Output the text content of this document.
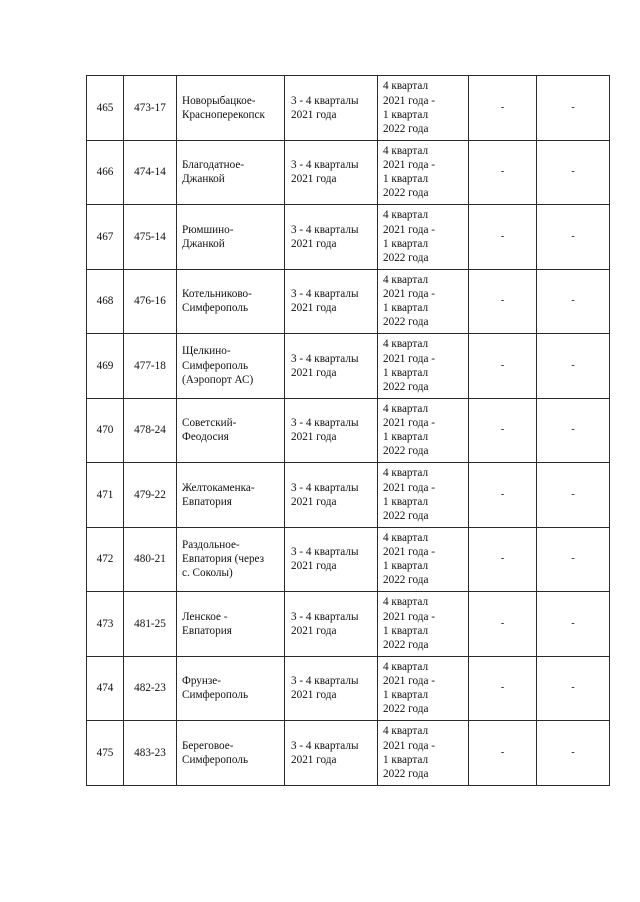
465	473-17	Новорыбацкое-
Красноперекопск	3 - 4 кварталы
2021 года	4 квартал
2021 года -
1 квартал
2022 года	-	-

466	474-14	Благодатное-
Джанкой	3 - 4 кварталы
2021 года	4 квартал
2021 года -
1 квартал
2022 года	-	-

467	475-14	Рюмшино-
Джанкой	3 - 4 кварталы
2021 года	4 квартал
2021 года -
1 квартал
2022 года	-	-

468	476-16	Котельниково-
Симферополь	3 - 4 кварталы
2021 года	4 квартал
2021 года -
1 квартал
2022 года	-	-

469	477-18	Щелкино-
Симферополь
(Аэропорт АС)	3 - 4 кварталы
2021 года	4 квартал
2021 года -
1 квартал
2022 года	-	-

470	478-24	Советский-
Феодосия	3 - 4 кварталы
2021 года	4 квартал
2021 года -
1 квартал
2022 года	-	-

471	479-22	Желтокаменка-
Евпатория	3 - 4 кварталы
2021 года	4 квартал
2021 года -
1 квартал
2022 года	-	-

472	480-21	Раздольное-
Евпатория (через
с. Соколы)	3 - 4 кварталы
2021 года	4 квартал
2021 года -
1 квартал
2022 года	-	-

473	481-25	Ленское -
Евпатория	3 - 4 кварталы
2021 года	4 квартал
2021 года -
1 квартал
2022 года	-	-

474	482-23	Фрунзе-
Симферополь	3 - 4 кварталы
2021 года	4 квартал
2021 года -
1 квартал
2022 года	-	-

475	483-23	Береговое-
Симферополь	3 - 4 кварталы
2021 года	4 квартал
2021 года -
1 квартал
2022 года	-	-
